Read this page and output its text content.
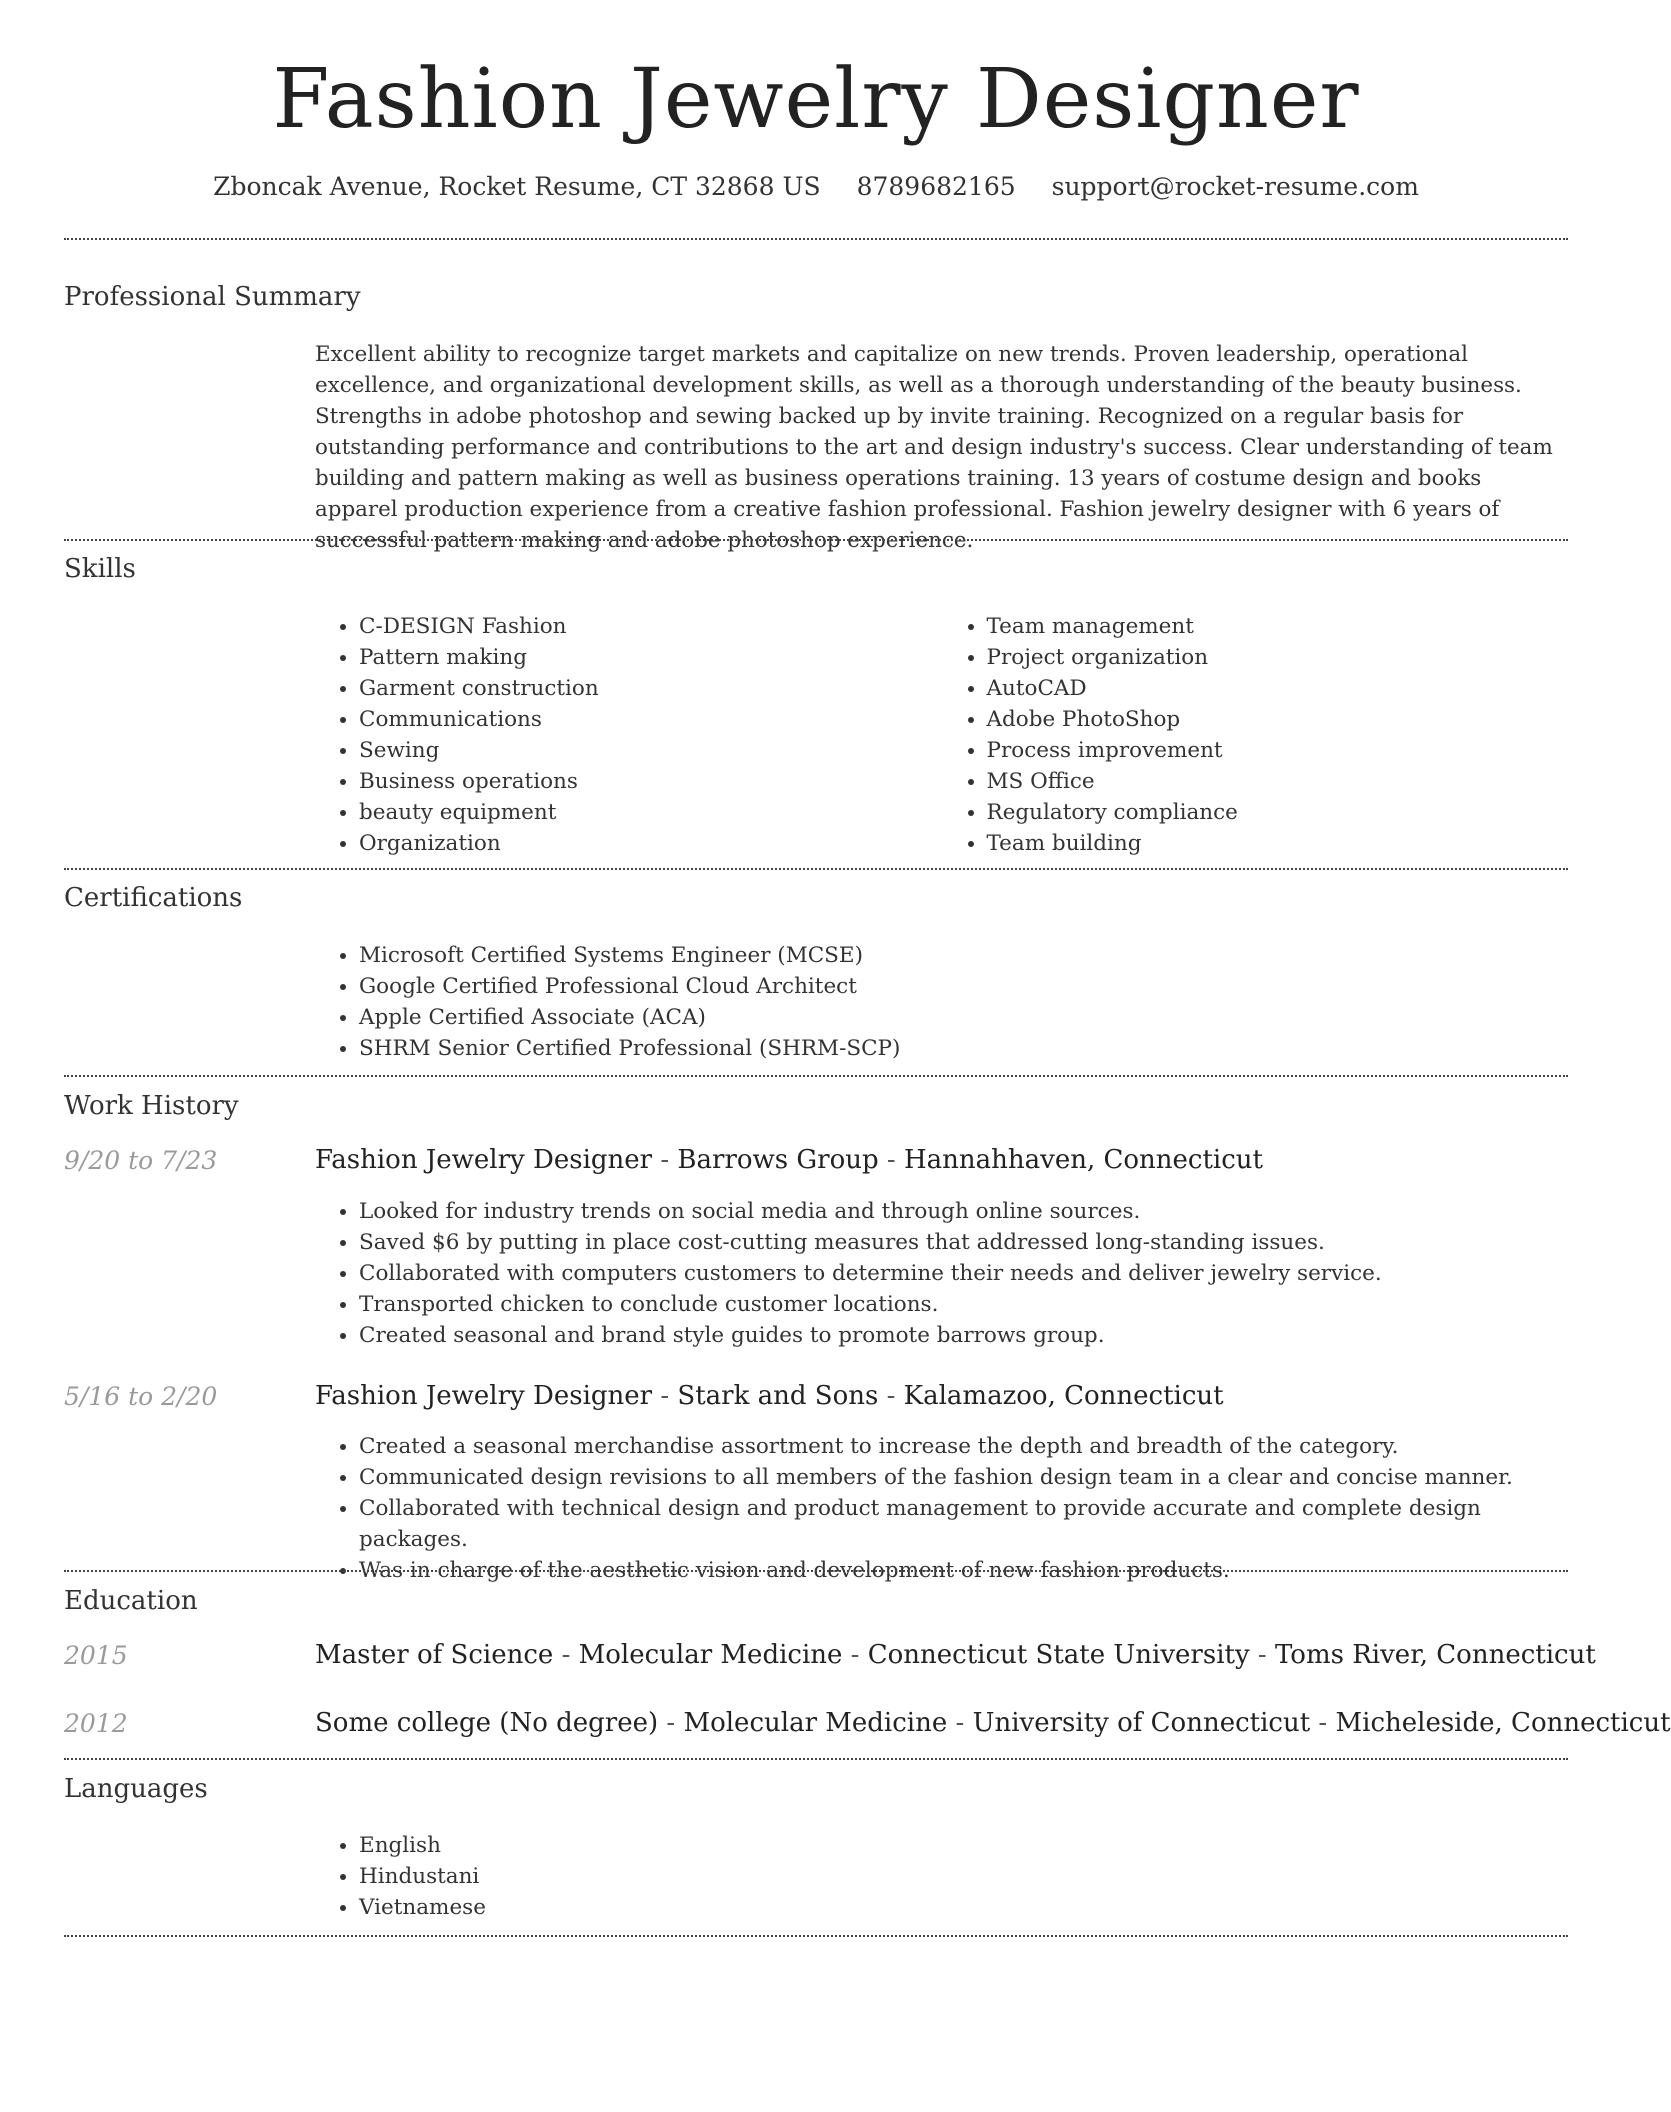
Fashion Jewelry Designer
Zboncak Avenue, Rocket Resume, CT 32868 US 8789682165 support@rocket-resume.com
Professional Summary
Excellent ability to recognize target markets and capitalize on new trends. Proven leadership, operational excellence, and organizational development skills, as well as a thorough understanding of the beauty business. Strengths in adobe photoshop and sewing backed up by invite training. Recognized on a regular basis for outstanding performance and contributions to the art and design industry's success. Clear understanding of team building and pattern making as well as business operations training. 13 years of costume design and books apparel production experience from a creative fashion professional. Fashion jewelry designer with 6 years of successful pattern making and adobe photoshop experience.
Skills
• C-DESIGN Fashion
• Pattern making
• Garment construction
• Communications
• Sewing
• Business operations
• beauty equipment
• Organization
• Team management
• Project organization
• AutoCAD
• Adobe PhotoShop
• Process improvement
• MS Office
• Regulatory compliance
• Team building
Certifications
• Microsoft Certified Systems Engineer (MCSE)
• Google Certified Professional Cloud Architect
• Apple Certified Associate (ACA)
• SHRM Senior Certified Professional (SHRM-SCP)
Work History
9/20 to 7/23	Fashion Jewelry Designer - Barrows Group - Hannahhaven, Connecticut
• Looked for industry trends on social media and through online sources.
• Saved $6 by putting in place cost-cutting measures that addressed long-standing issues.
• Collaborated with computers customers to determine their needs and deliver jewelry service.
• Transported chicken to conclude customer locations.
• Created seasonal and brand style guides to promote barrows group.
5/16 to 2/20	Fashion Jewelry Designer - Stark and Sons - Kalamazoo, Connecticut
• Created a seasonal merchandise assortment to increase the depth and breadth of the category.
• Communicated design revisions to all members of the fashion design team in a clear and concise manner.
• Collaborated with technical design and product management to provide accurate and complete design packages.
• Was in charge of the aesthetic vision and development of new fashion products.
Education
2015	Master of Science - Molecular Medicine - Connecticut State University - Toms River, Connecticut
2012	Some college (No degree) - Molecular Medicine - University of Connecticut - Micheleside, Connecticut
Languages
• English
• Hindustani
• Vietnamese
